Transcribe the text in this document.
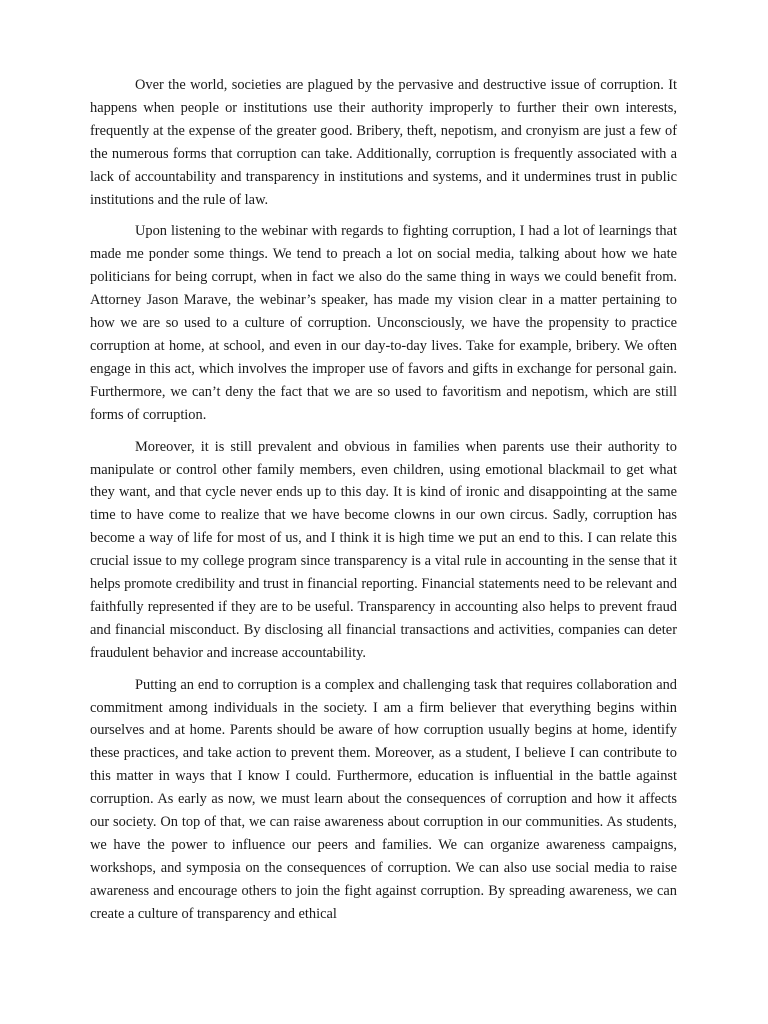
Over the world, societies are plagued by the pervasive and destructive issue of corruption. It happens when people or institutions use their authority improperly to further their own interests, frequently at the expense of the greater good. Bribery, theft, nepotism, and cronyism are just a few of the numerous forms that corruption can take. Additionally, corruption is frequently associated with a lack of accountability and transparency in institutions and systems, and it undermines trust in public institutions and the rule of law.

Upon listening to the webinar with regards to fighting corruption, I had a lot of learnings that made me ponder some things. We tend to preach a lot on social media, talking about how we hate politicians for being corrupt, when in fact we also do the same thing in ways we could benefit from. Attorney Jason Marave, the webinar’s speaker, has made my vision clear in a matter pertaining to how we are so used to a culture of corruption. Unconsciously, we have the propensity to practice corruption at home, at school, and even in our day-to-day lives. Take for example, bribery. We often engage in this act, which involves the improper use of favors and gifts in exchange for personal gain. Furthermore, we can’t deny the fact that we are so used to favoritism and nepotism, which are still forms of corruption.

Moreover, it is still prevalent and obvious in families when parents use their authority to manipulate or control other family members, even children, using emotional blackmail to get what they want, and that cycle never ends up to this day. It is kind of ironic and disappointing at the same time to have come to realize that we have become clowns in our own circus. Sadly, corruption has become a way of life for most of us, and I think it is high time we put an end to this. I can relate this crucial issue to my college program since transparency is a vital rule in accounting in the sense that it helps promote credibility and trust in financial reporting. Financial statements need to be relevant and faithfully represented if they are to be useful. Transparency in accounting also helps to prevent fraud and financial misconduct. By disclosing all financial transactions and activities, companies can deter fraudulent behavior and increase accountability.

Putting an end to corruption is a complex and challenging task that requires collaboration and commitment among individuals in the society. I am a firm believer that everything begins within ourselves and at home. Parents should be aware of how corruption usually begins at home, identify these practices, and take action to prevent them. Moreover, as a student, I believe I can contribute to this matter in ways that I know I could. Furthermore, education is influential in the battle against corruption. As early as now, we must learn about the consequences of corruption and how it affects our society. On top of that, we can raise awareness about corruption in our communities. As students, we have the power to influence our peers and families. We can organize awareness campaigns, workshops, and symposia on the consequences of corruption. We can also use social media to raise awareness and encourage others to join the fight against corruption. By spreading awareness, we can create a culture of transparency and ethical
